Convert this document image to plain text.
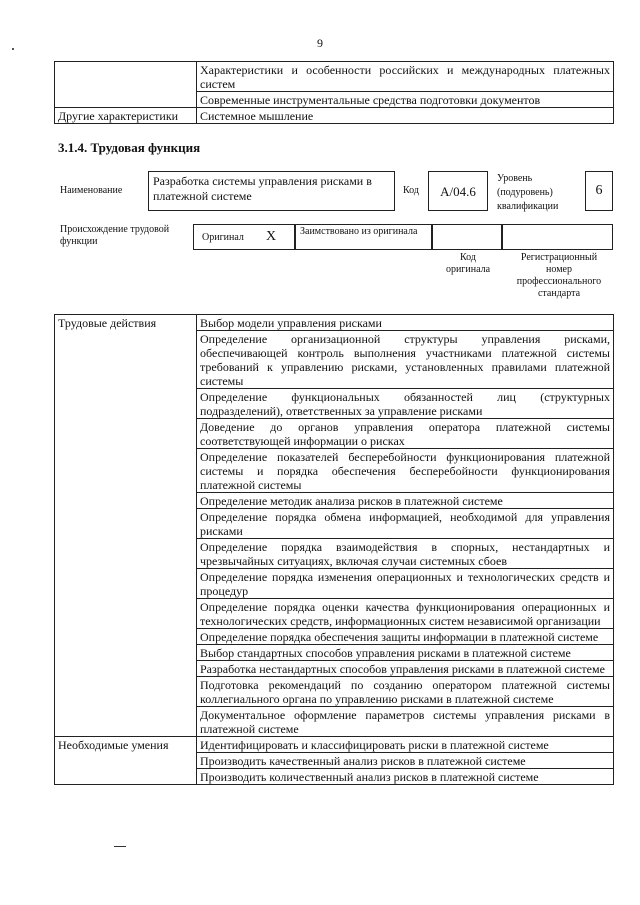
9
	Характеристики и особенности российских и международных платежных систем
	Современные инструментальные средства подготовки документов
Другие характеристики	Системное мышление
3.1.4. Трудовая функция
Наименование
Разработка системы управления рисками в платежной системе	Код	А/04.6
Уровень (подуровень) квалификации
6
Происхождение трудовой функции	Оригинал X Заимствовано из оригинала
Код оригинала
Регистрационный номер профессионального стандарта
Трудовые действия	Выбор модели управления рисками
	Определение организационной структуры управления рисками, обеспечивающей контроль выполнения участниками платежной системы требований к управлению рисками, установленных правилами платежной системы
	Определение функциональных обязанностей лиц (структурных подразделений), ответственных за управление рисками
	Доведение до органов управления оператора платежной системы соответствующей информации о рисках
	Определение показателей бесперебойности функционирования платежной системы и порядка обеспечения бесперебойности функционирования платежной системы
	Определение методик анализа рисков в платежной системе
	Определение порядка обмена информацией, необходимой для управления рисками
	Определение порядка взаимодействия в спорных, нестандартных и чрезвычайных ситуациях, включая случаи системных сбоев
	Определение порядка изменения операционных и технологических средств и процедур
	Определение порядка оценки качества функционирования операционных и технологических средств, информационных систем независимой организации
	Определение порядка обеспечения защиты информации в платежной системе
	Выбор стандартных способов управления рисками в платежной системе
	Разработка нестандартных способов управления рисками в платежной системе
	Подготовка рекомендаций по созданию оператором платежной системы коллегиального органа по управлению рисками в платежной системе
	Документальное оформление параметров системы управления рисками в платежной системе
Необходимые умения	Идентифицировать и классифицировать риски в платежной системе
	Производить качественный анализ рисков в платежной системе
	Производить количественный анализ рисков в платежной системе
